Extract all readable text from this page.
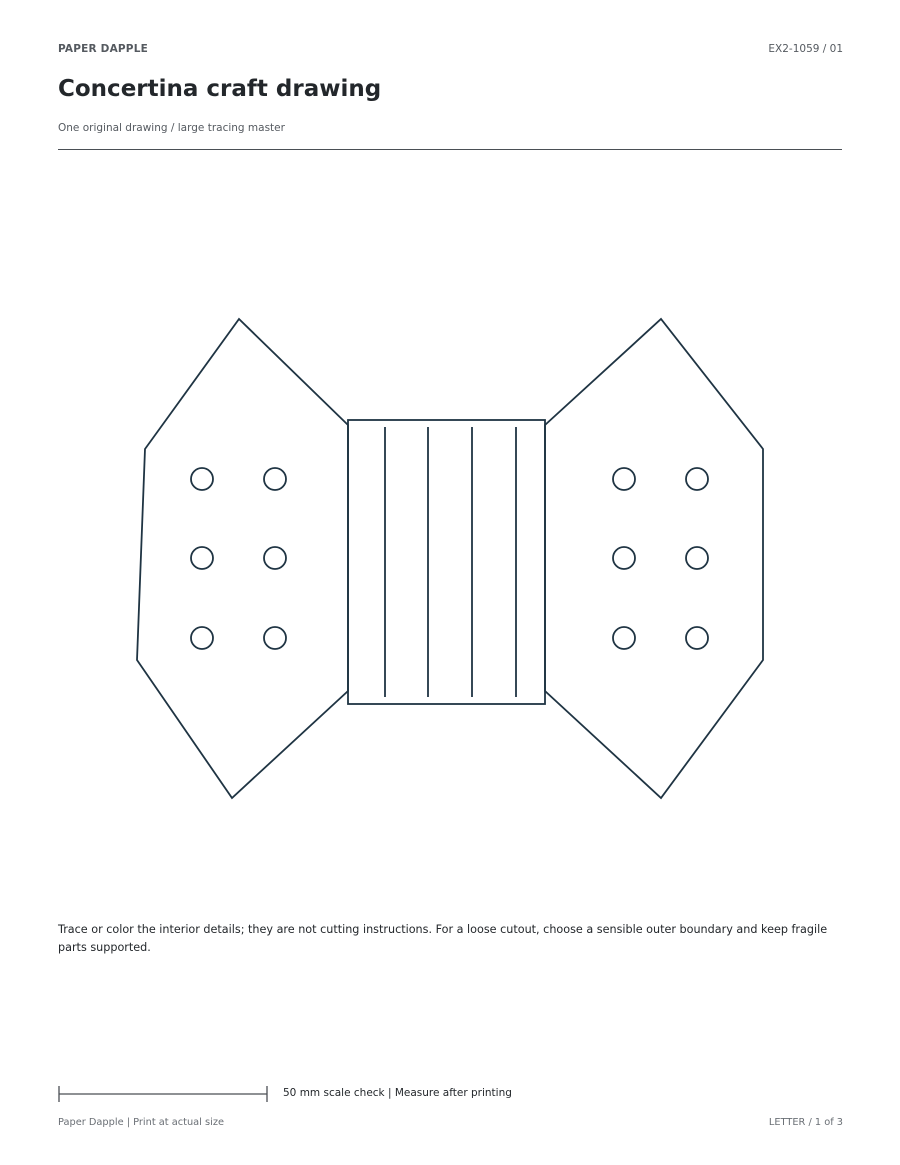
PAPER DAPPLE	EX2-1059 / 01
Concertina craft drawing
One original drawing / large tracing master

Trace or color the interior details; they are not cutting instructions. For a loose cutout, choose a sensible outer boundary and keep fragile parts supported.

50 mm scale check | Measure after printing
Paper Dapple | Print at actual size	LETTER / 1 of 3
